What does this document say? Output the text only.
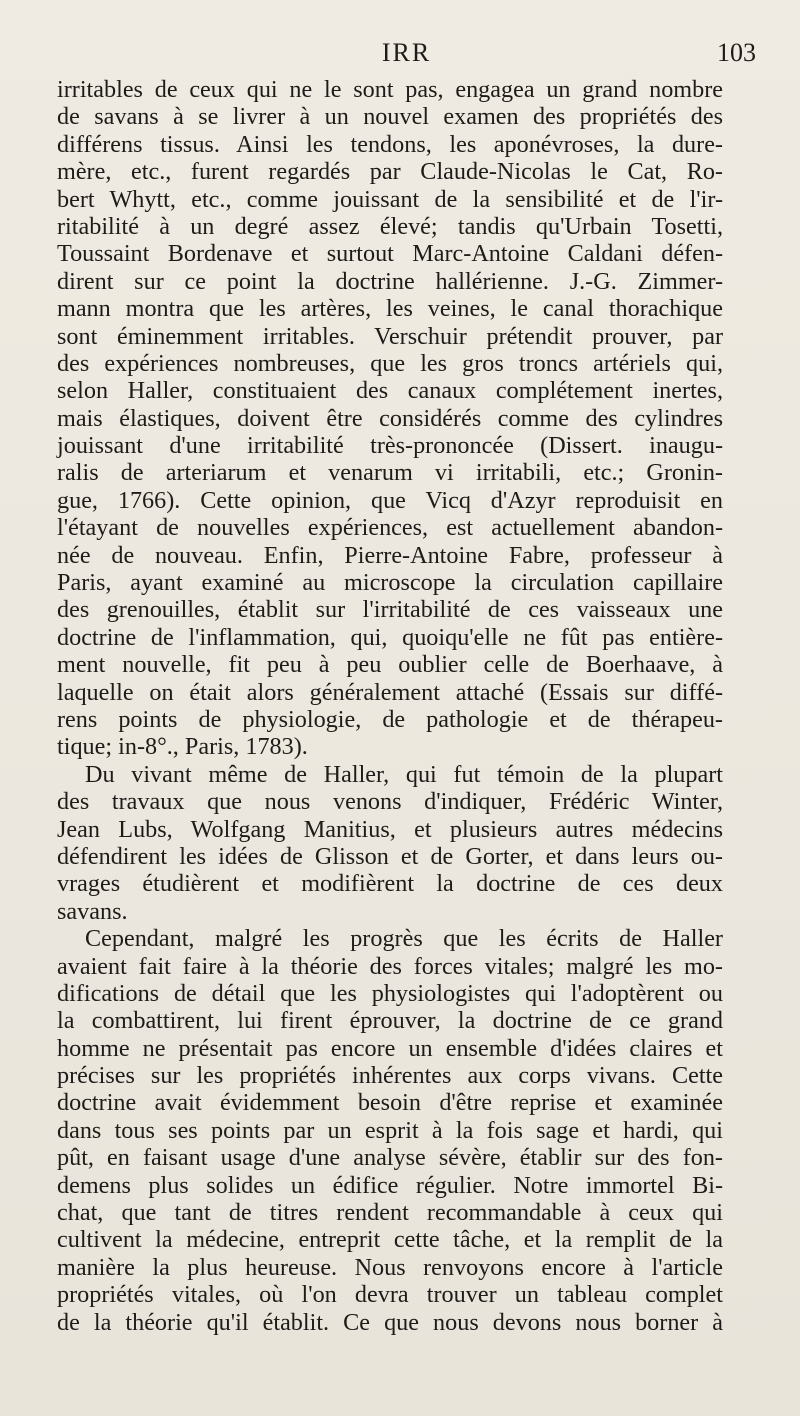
IRR	103
irritables de ceux qui ne le sont pas, engagea un grand nombre
de savans à se livrer à un nouvel examen des propriétés des
différens tissus. Ainsi les tendons, les aponévroses, la dure-
mère, etc., furent regardés par Claude-Nicolas le Cat, Ro-
bert Whytt, etc., comme jouissant de la sensibilité et de l'ir-
ritabilité à un degré assez élevé; tandis qu'Urbain Tosetti,
Toussaint Bordenave et surtout Marc-Antoine Caldani défen-
dirent sur ce point la doctrine hallérienne. J.-G. Zimmer-
mann montra que les artères, les veines, le canal thorachique
sont éminemment irritables. Verschuir prétendit prouver, par
des expériences nombreuses, que les gros troncs artériels qui,
selon Haller, constituaient des canaux complétement inertes,
mais élastiques, doivent être considérés comme des cylindres
jouissant d'une irritabilité très-prononcée (Dissert. inaugu-
ralis de arteriarum et venarum vi irritabili, etc.; Gronin-
gue, 1766). Cette opinion, que Vicq d'Azyr reproduisit en
l'étayant de nouvelles expériences, est actuellement abandon-
née de nouveau. Enfin, Pierre-Antoine Fabre, professeur à
Paris, ayant examiné au microscope la circulation capillaire
des grenouilles, établit sur l'irritabilité de ces vaisseaux une
doctrine de l'inflammation, qui, quoiqu'elle ne fût pas entière-
ment nouvelle, fit peu à peu oublier celle de Boerhaave, à
laquelle on était alors généralement attaché (Essais sur diffé-
rens points de physiologie, de pathologie et de thérapeu-
tique; in-8°., Paris, 1783).
Du vivant même de Haller, qui fut témoin de la plupart
des travaux que nous venons d'indiquer, Frédéric Winter,
Jean Lubs, Wolfgang Manitius, et plusieurs autres médecins
défendirent les idées de Glisson et de Gorter, et dans leurs ou-
vrages étudièrent et modifièrent la doctrine de ces deux
savans.
Cependant, malgré les progrès que les écrits de Haller
avaient fait faire à la théorie des forces vitales; malgré les mo-
difications de détail que les physiologistes qui l'adoptèrent ou
la combattirent, lui firent éprouver, la doctrine de ce grand
homme ne présentait pas encore un ensemble d'idées claires et
précises sur les propriétés inhérentes aux corps vivans. Cette
doctrine avait évidemment besoin d'être reprise et examinée
dans tous ses points par un esprit à la fois sage et hardi, qui
pût, en faisant usage d'une analyse sévère, établir sur des fon-
demens plus solides un édifice régulier. Notre immortel Bi-
chat, que tant de titres rendent recommandable à ceux qui
cultivent la médecine, entreprit cette tâche, et la remplit de la
manière la plus heureuse. Nous renvoyons encore à l'article
propriétés vitales, où l'on devra trouver un tableau complet
de la théorie qu'il établit. Ce que nous devons nous borner à
